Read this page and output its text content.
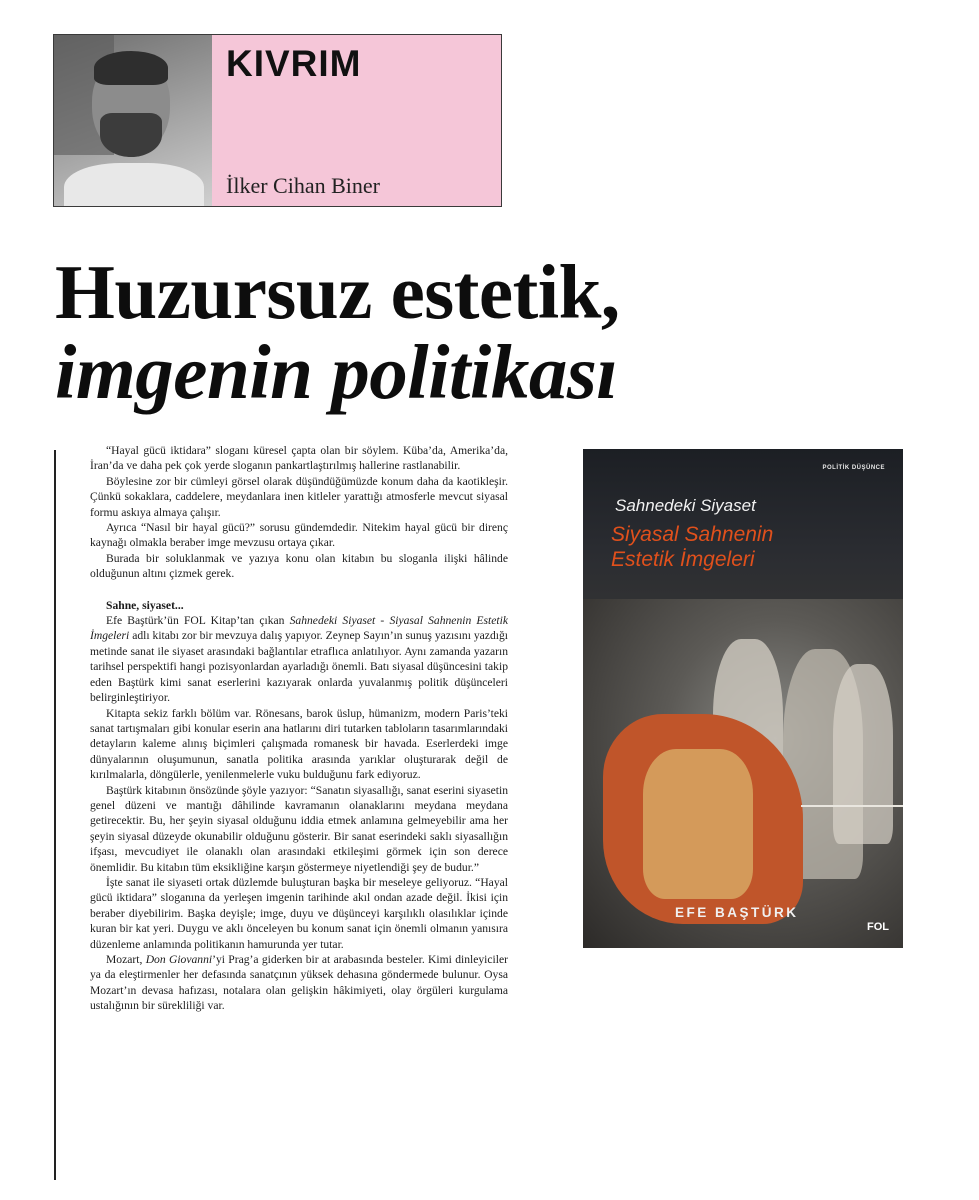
KIVRIM
İlker Cihan Biner
Huzursuz estetik,
imgenin politikası

“Hayal gücü iktidara” sloganı küresel çapta olan bir söylem. Küba’da, Amerika’da, İran’da ve daha pek çok yerde sloganın pankartlaştırılmış hallerine rastlanabilir.

Böylesine zor bir cümleyi görsel olarak düşündüğümüzde konum daha da kaotikleşir. Çünkü sokaklara, caddelere, meydanlara inen kitleler yarattığı atmosferle mevcut siyasal formu askıya almaya çalışır.

Ayrıca “Nasıl bir hayal gücü?” sorusu gündemdedir. Nitekim hayal gücü bir direnç kaynağı olmakla beraber imge mevzusu ortaya çıkar.

Burada bir soluklanmak ve yazıya konu olan kitabın bu sloganla ilişki hâlinde olduğunun altını çizmek gerek.

Sahne, siyaset...

Efe Baştürk’ün FOL Kitap’tan çıkan Sahnedeki Siyaset - Siyasal Sahnenin Estetik İmgeleri adlı kitabı zor bir mevzuya dalış yapıyor. Zeynep Sayın’ın sunuş yazısını yazdığı metinde sanat ile siyaset arasındaki bağlantılar etraflıca anlatılıyor. Aynı zamanda yazarın tarihsel perspektifi hangi pozisyonlardan ayarladığı önemli. Batı siyasal düşüncesini takip eden Baştürk kimi sanat eserlerini kazıyarak onlarda yuvalanmış politik düşünceleri belirginleştiriyor.

Kitapta sekiz farklı bölüm var. Rönesans, barok üslup, hümanizm, modern Paris’teki sanat tartışmaları gibi konular eserin ana hatlarını diri tutarken tabloların tasarımlarındaki detayların kaleme alınış biçimleri çalışmada romanesk bir havada. Eserlerdeki imge dünyalarının oluşumunun, sanatla politika arasında yarıklar oluşturarak değil de kırılmalarla, döngülerle, yenilenmelerle vuku bulduğunu fark ediyoruz.

Baştürk kitabının önsözünde şöyle yazıyor: “Sanatın siyasallığı, sanat eserini siyasetin genel düzeni ve mantığı dâhilinde kavramanın olanaklarını meydana meydana getirecektir. Bu, her şeyin siyasal olduğunu iddia etmek anlamına gelmeyebilir ama her şeyin siyasal düzeyde okunabilir olduğunu gösterir. Bir sanat eserindeki saklı siyasallığın ifşası, mevcudiyet ile olanaklı olan arasındaki etkileşimi görmek için son derece önemlidir. Bu kitabın tüm eksikliğine karşın göstermeye niyetlendiği şey de budur.”

İşte sanat ile siyaseti ortak düzlemde buluşturan başka bir meseleye geliyoruz. “Hayal gücü iktidara” sloganına da yerleşen imgenin tarihinde akıl ondan azade değil. İkisi için beraber diyebilirim. Başka deyişle; imge, duyu ve düşünceyi karşılıklı olasılıklar içinde kuran bir kat yeri. Duygu ve aklı önceleyen bu konum sanat için önemli olmanın yanısıra düzenleme anlamında politikanın hamurunda yer tutar.

Mozart, Don Giovanni’yi Prag’a giderken bir at arabasında besteler. Kimi dinleyiciler ya da eleştirmenler her defasında sanatçının yüksek dehasına göndermede bulunur. Oysa Mozart’ın devasa hafızası, notalara olan gelişkin hâkimiyeti, olay örgüleri kurgulama ustalığının bir sürekliliği var.

POLİTİK DÜŞÜNCE
Sahnedeki Siyaset
Siyasal Sahnenin
Estetik İmgeleri
EFE BAŞTÜRK
FOL
